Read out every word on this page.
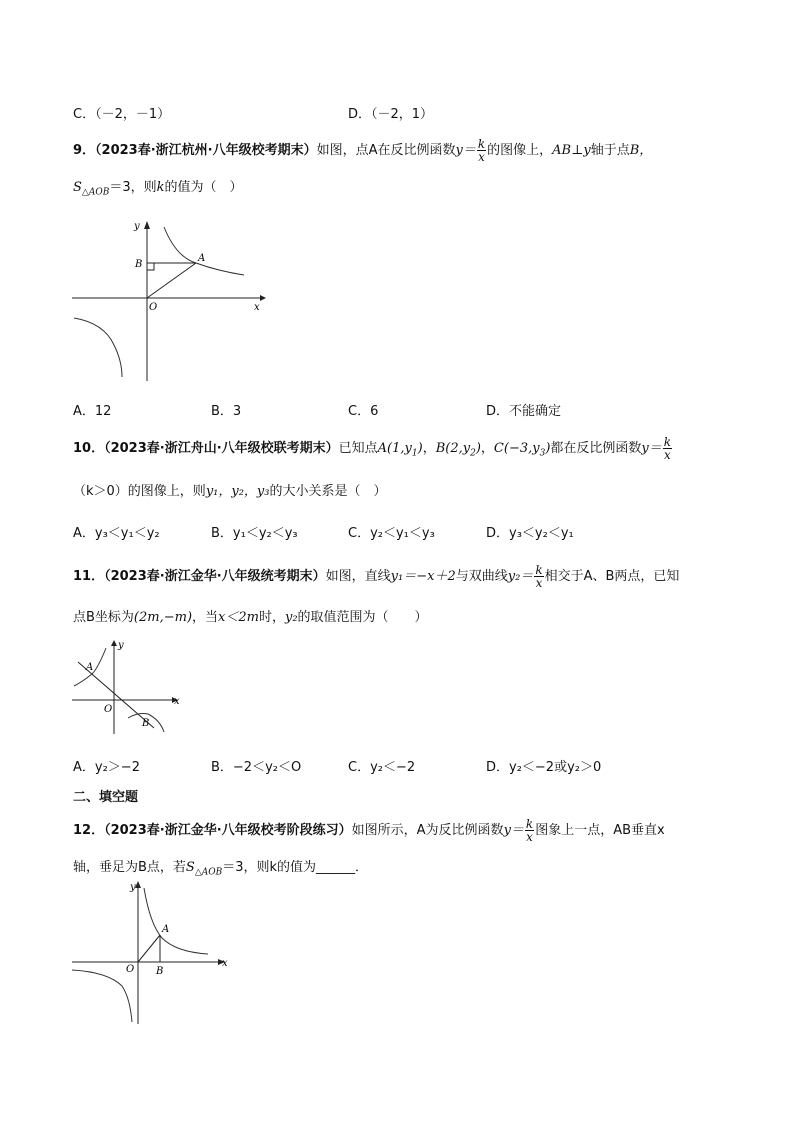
C．（－2，－1）	D．（－2，1）
9．（2023春·浙江杭州·八年级校考期末）如图，点A在反比例函数$y= \frac{k}{x}$ 的图像上，AB⊥y轴于点B，
$S_{\triangle AOB}=3$，则k的值为（　）
x
y
O
A
B
A．12	B．3	C．6	D．不能确定
10．（2023春·浙江舟山·八年级校联考期末）已知点$A(1,y_1)$，$B(2,y_2)$，$C(-3,y_3)$都在反比例函数$y= \frac{k}{x}$
（k＞0）的图像上，则y₁，y₂，y₃的大小关系是（　）
A．y₃＜y₁＜y₂	B．y₁＜y₂＜y₃	C．y₂＜y₁＜y₃	D．y₃＜y₂＜y₁
11．（2023春·浙江金华·八年级统考期末）如图，直线y₁＝−x＋2与双曲线$y_2= \frac{k}{x}$ 相交于A、B两点，已知
点B坐标为(2m,−m)，当x＜2m时，y₂的取值范围为（　　）
x
y
O
A
B
A．y₂＞−2	B．−2＜y₂＜O	C．y₂＜−2	D．y₂＜−2或y₂＞0
二、填空题
12．（2023春·浙江金华·八年级校考阶段练习）如图所示，A为反比例函数$y= \frac{k}{x}$ 图象上一点，AB垂直x
轴，垂足为B点，若$S_{\triangle AOB}=3$，则k的值为______．
x
y
O
A
B
